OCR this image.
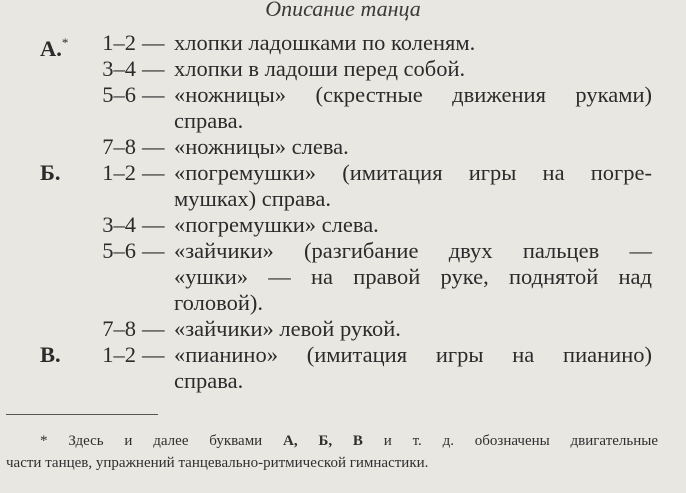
Описание танца
А.*	1–2 — хлопки ладошками по коленям.
3–4 — хлопки в ладоши перед собой.
5–6 — «ножницы» (скрестные движения руками)
справа.
7–8 — «ножницы» слева.
Б.	1–2 — «погремушки» (имитация игры на погре-
мушках) справа.
3–4 — «погремушки» слева.
5–6 — «зайчики» (разгибание двух пальцев —
«ушки» — на правой руке, поднятой над
головой).
7–8 — «зайчики» левой рукой.
В.	1–2 — «пианино» (имитация игры на пианино)
справа.
* Здесь и далее буквами А, Б, В и т. д. обозначены двигательные
части танцев, упражнений танцевально-ритмической гимнастики.
